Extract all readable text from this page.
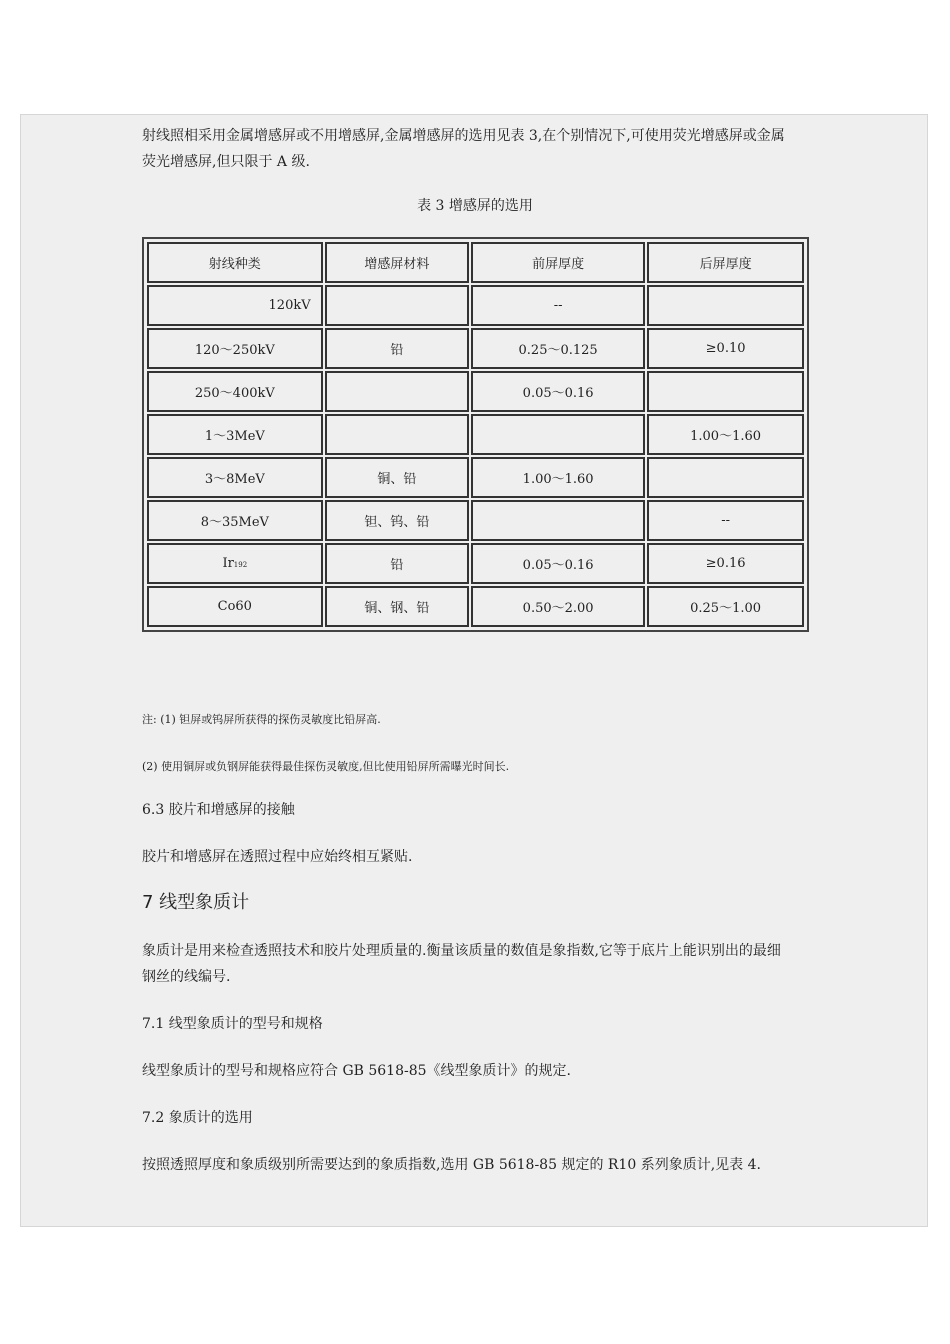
射线照相采用金属增感屏或不用增感屏,金属增感屏的选用见表 3,在个别情况下,可使用荧光增感屏或金属

荧光增感屏,但只限于 A 级.

表 3 增感屏的选用
射线种类	增感屏材料	前屏厚度	后屏厚度
120kV		--	
120～250kV	铅	0.25～0.125	≥0.10
250～400kV		0.05～0.16	
1～3MeV			1.00～1.60
3～8MeV	铜、铅	1.00～1.60	
8～35MeV	钽、钨、铅		--
Ir192	铅	0.05～0.16	≥0.16
Co60	铜、钢、铅	0.50～2.00	0.25～1.00

注: (1) 钽屏或钨屏所获得的探伤灵敏度比铅屏高.

(2) 使用铜屏或负钢屏能获得最佳探伤灵敏度,但比使用铅屏所需曝光时间长.

6.3 胶片和增感屏的接触

胶片和增感屏在透照过程中应始终相互紧贴.

7 线型象质计

象质计是用来检查透照技术和胶片处理质量的.衡量该质量的数值是象指数,它等于底片上能识别出的最细

钢丝的线编号.

7.1 线型象质计的型号和规格

线型象质计的型号和规格应符合 GB 5618-85《线型象质计》的规定.

7.2 象质计的选用

按照透照厚度和象质级别所需要达到的象质指数,选用 GB 5618-85 规定的 R10 系列象质计,见表 4.
